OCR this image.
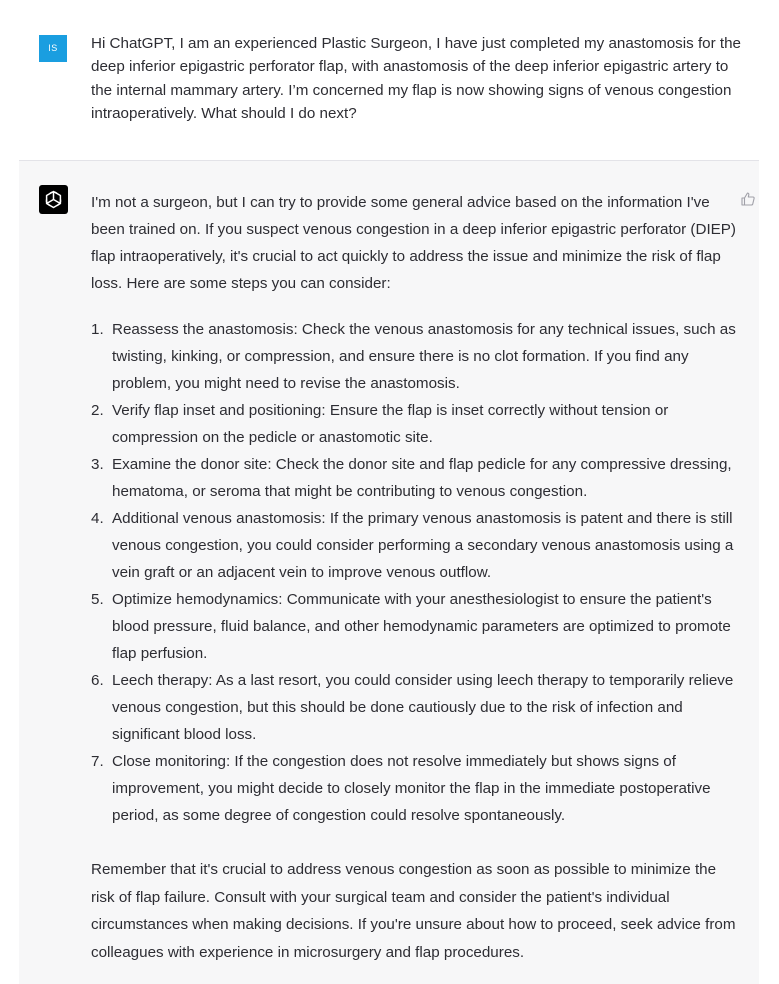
IS	Hi ChatGPT, I am an experienced Plastic Surgeon, I have just completed my anastomosis for the deep inferior epigastric perforator flap, with anastomosis of the deep inferior epigastric artery to the internal mammary artery. I’m concerned my flap is now showing signs of venous congestion intraoperatively. What should I do next?

I'm not a surgeon, but I can try to provide some general advice based on the information I've been trained on. If you suspect venous congestion in a deep inferior epigastric perforator (DIEP) flap intraoperatively, it's crucial to act quickly to address the issue and minimize the risk of flap loss. Here are some steps you can consider:

1. Reassess the anastomosis: Check the venous anastomosis for any technical issues, such as twisting, kinking, or compression, and ensure there is no clot formation. If you find any problem, you might need to revise the anastomosis.
2. Verify flap inset and positioning: Ensure the flap is inset correctly without tension or compression on the pedicle or anastomotic site.
3. Examine the donor site: Check the donor site and flap pedicle for any compressive dressing, hematoma, or seroma that might be contributing to venous congestion.
4. Additional venous anastomosis: If the primary venous anastomosis is patent and there is still venous congestion, you could consider performing a secondary venous anastomosis using a vein graft or an adjacent vein to improve venous outflow.
5. Optimize hemodynamics: Communicate with your anesthesiologist to ensure the patient's blood pressure, fluid balance, and other hemodynamic parameters are optimized to promote flap perfusion.
6. Leech therapy: As a last resort, you could consider using leech therapy to temporarily relieve venous congestion, but this should be done cautiously due to the risk of infection and significant blood loss.
7. Close monitoring: If the congestion does not resolve immediately but shows signs of improvement, you might decide to closely monitor the flap in the immediate postoperative period, as some degree of congestion could resolve spontaneously.

Remember that it's crucial to address venous congestion as soon as possible to minimize the risk of flap failure. Consult with your surgical team and consider the patient's individual circumstances when making decisions. If you're unsure about how to proceed, seek advice from colleagues with experience in microsurgery and flap procedures.
